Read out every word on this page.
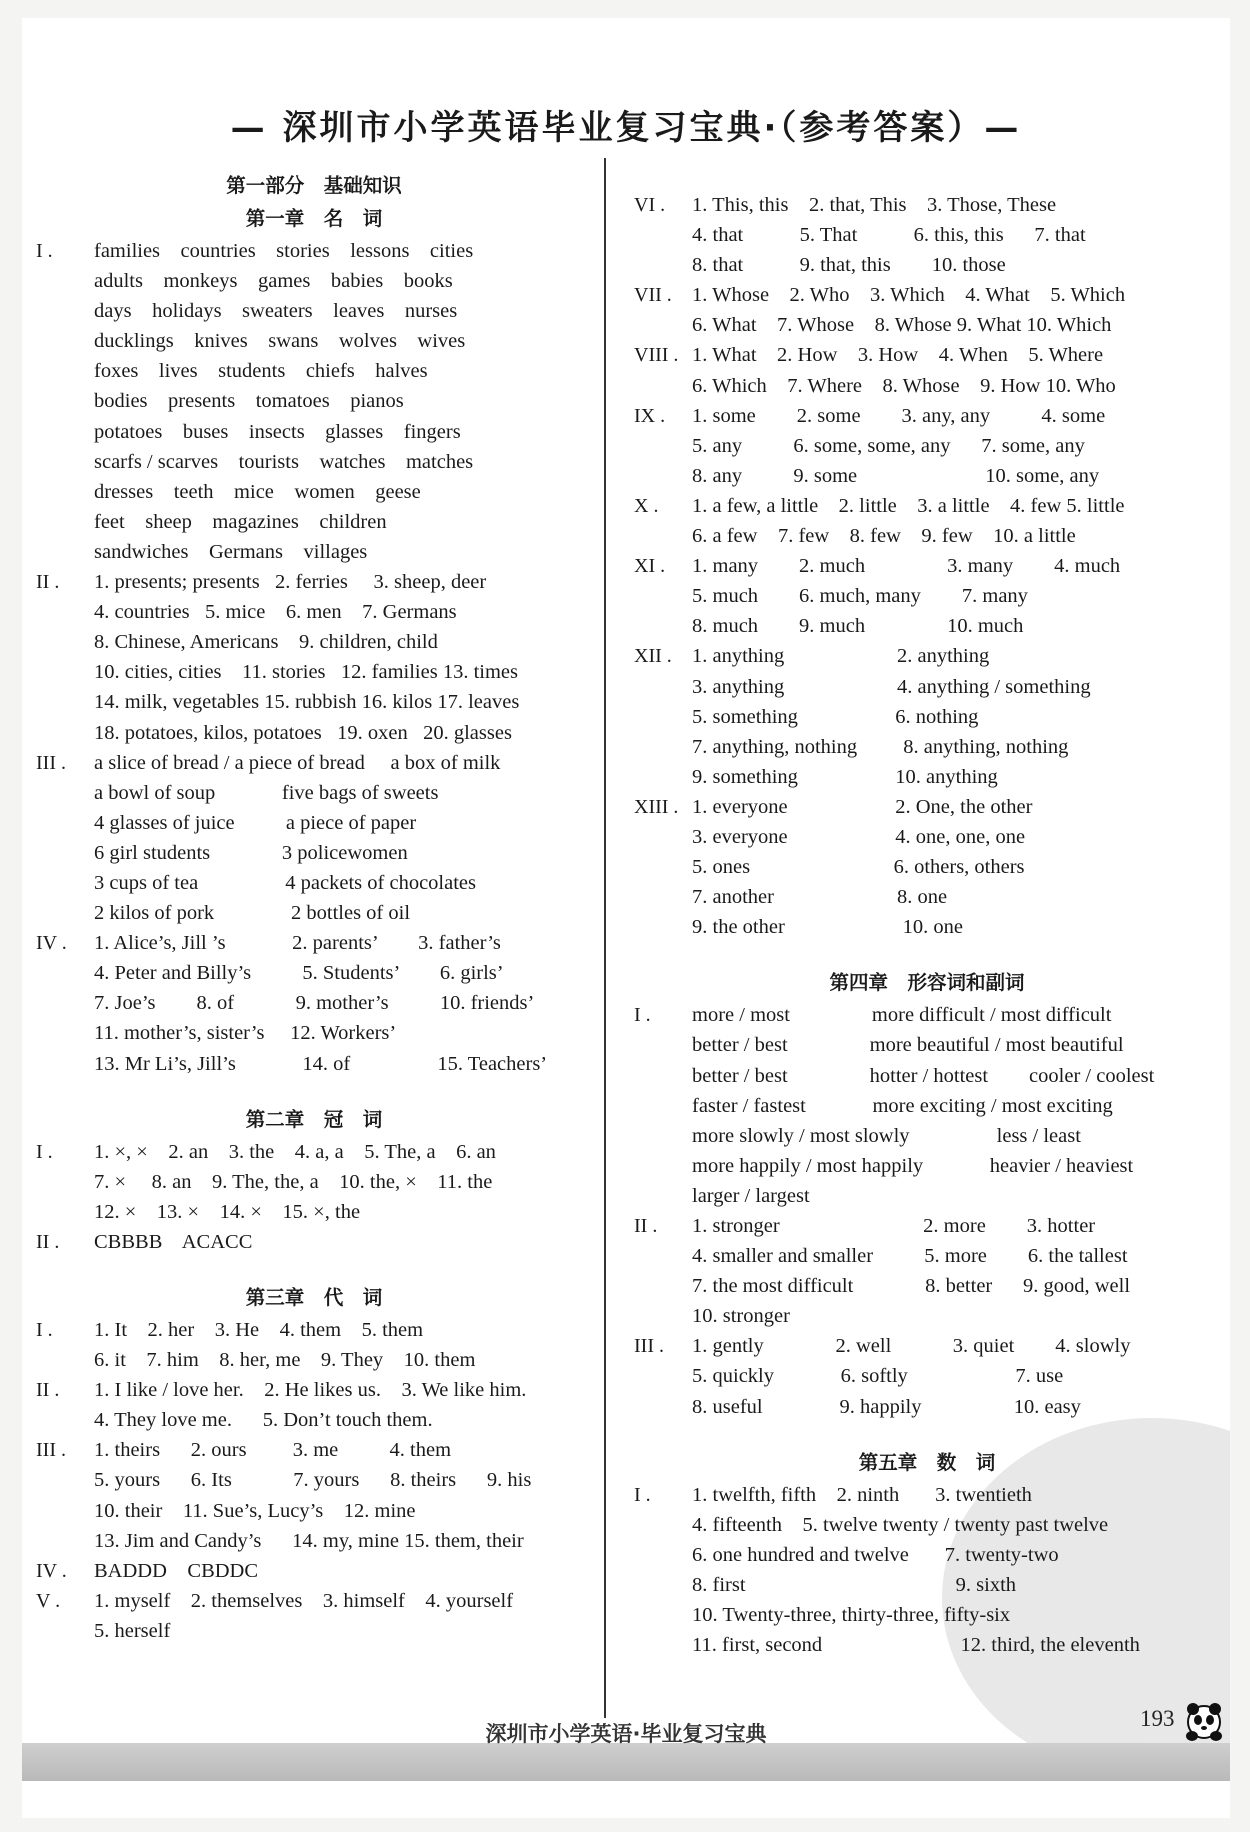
— 深圳市小学英语毕业复习宝典·（参考答案）—
第一部分　基础知识
第一章　名　词
I .	families    countries    stories    lessons    cities
adults    monkeys    games    babies    books
days    holidays    sweaters    leaves    nurses
ducklings    knives    swans    wolves    wives
foxes    lives    students    chiefs    halves
bodies    presents    tomatoes    pianos
potatoes    buses    insects    glasses    fingers
scarfs / scarves    tourists    watches    matches
dresses    teeth    mice    women    geese
feet    sheep    magazines    children
sandwiches    Germans    villages
II .	1. presents; presents   2. ferries     3. sheep, deer
4. countries   5. mice    6. men    7. Germans
8. Chinese, Americans    9. children, child
10. cities, cities    11. stories   12. families 13. times
14. milk, vegetables 15. rubbish 16. kilos 17. leaves
18. potatoes, kilos, potatoes   19. oxen   20. glasses
III .	a slice of bread / a piece of bread     a box of milk
a bowl of soup             five bags of sweets
4 glasses of juice          a piece of paper
6 girl students              3 policewomen
3 cups of tea                 4 packets of chocolates
2 kilos of pork               2 bottles of oil
IV .	1. Alice’s, Jill ’s             2. parents’        3. father’s
4. Peter and Billy’s          5. Students’        6. girls’
7. Joe’s        8. of            9. mother’s          10. friends’
11. mother’s, sister’s     12. Workers’
13. Mr Li’s, Jill’s             14. of                 15. Teachers’
第二章　冠　词
I .	1. ×, ×    2. an    3. the    4. a, a    5. The, a    6. an
7. ×     8. an    9. The, the, a    10. the, ×    11. the
12. ×    13. ×    14. ×    15. ×, the
II .	CBBBB    ACACC
第三章　代　词
I .	1. It    2. her    3. He    4. them    5. them
6. it    7. him    8. her, me    9. They    10. them
II .	1. I like / love her.    2. He likes us.    3. We like him.
4. They love me.      5. Don’t touch them.
III .	1. theirs      2. ours         3. me          4. them
5. yours      6. Its            7. yours      8. theirs      9. his
10. their    11. Sue’s, Lucy’s    12. mine
13. Jim and Candy’s      14. my, mine 15. them, their
IV .	BADDD    CBDDC
V .	1. myself    2. themselves    3. himself    4. yourself
5. herself
VI .	1. This, this    2. that, This    3. Those, These
4. that           5. That           6. this, this      7. that
8. that           9. that, this        10. those
VII . 1. Whose    2. Who    3. Which    4. What    5. Which
6. What    7. Whose    8. Whose 9. What 10. Which
VIII . 1. What    2. How    3. How    4. When    5. Where
6. Which    7. Where    8. Whose    9. How 10. Who
IX .	1. some        2. some        3. any, any          4. some
5. any          6. some, some, any      7. some, any
8. any          9. some                         10. some, any
X .	1. a few, a little    2. little    3. a little    4. few 5. little
6. a few    7. few    8. few    9. few    10. a little
XI .	1. many        2. much                3. many        4. much
5. much        6. much, many        7. many
8. much        9. much                10. much
XII . 1. anything                      2. anything
3. anything                      4. anything / something
5. something                   6. nothing
7. anything, nothing         8. anything, nothing
9. something                   10. anything
XIII . 1. everyone                     2. One, the other
3. everyone                     4. one, one, one
5. ones                            6. others, others
7. another                        8. one
9. the other                       10. one
第四章　形容词和副词
I .	more / most                more difficult / most difficult
better / best                more beautiful / most beautiful
better / best                hotter / hottest        cooler / coolest
faster / fastest             more exciting / most exciting
more slowly / most slowly                 less / least
more happily / most happily             heavier / heaviest
larger / largest
II .	1. stronger                            2. more        3. hotter
4. smaller and smaller          5. more        6. the tallest
7. the most difficult              8. better      9. good, well
10. stronger
III .	1. gently              2. well            3. quiet        4. slowly
5. quickly             6. softly                     7. use
8. useful               9. happily                  10. easy
第五章　数　词
I .	1. twelfth, fifth    2. ninth       3. twentieth
4. fifteenth    5. twelve twenty / twenty past twelve
6. one hundred and twelve       7. twenty-two
8. first                                         9. sixth
10. Twenty-three, thirty-three, fifty-six
11. first, second                           12. third, the eleventh
深圳市小学英语·毕业复习宝典
193
